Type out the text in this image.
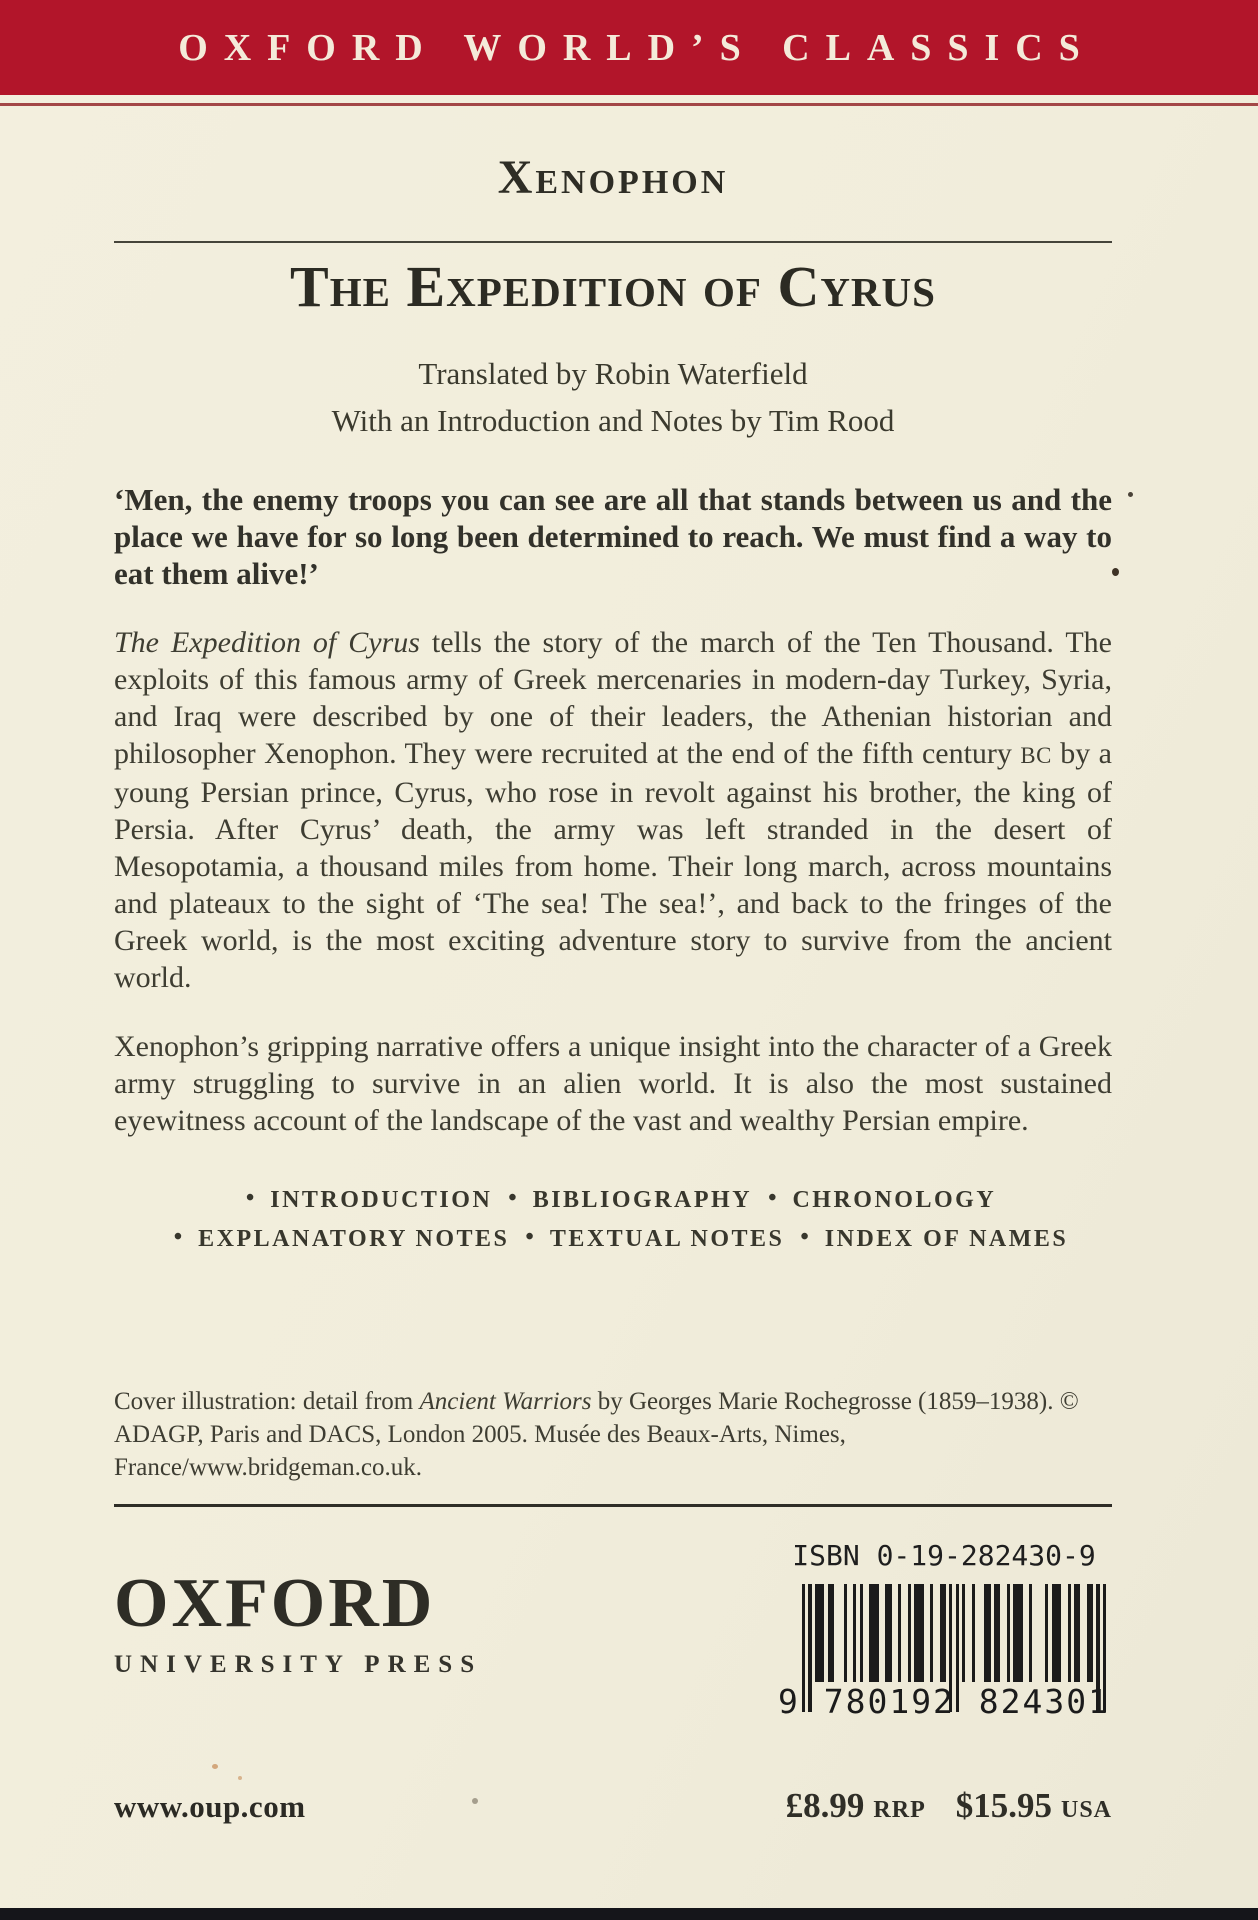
OXFORD WORLD’S CLASSICS
Xenophon
The Expedition of Cyrus
Translated by Robin Waterfield
With an Introduction and Notes by Tim Rood
‘Men, the enemy troops you can see are all that stands between us and the place we have for so long been determined to reach. We must find a way to eat them alive!’
The Expedition of Cyrus tells the story of the march of the Ten Thousand. The exploits of this famous army of Greek mercenaries in modern-day Turkey, Syria, and Iraq were described by one of their leaders, the Athenian historian and philosopher Xenophon. They were recruited at the end of the fifth century BC by a young Persian prince, Cyrus, who rose in revolt against his brother, the king of Persia. After Cyrus’ death, the army was left stranded in the desert of Mesopotamia, a thousand miles from home. Their long march, across mountains and plateaux to the sight of ‘The sea! The sea!’, and back to the fringes of the Greek world, is the most exciting adventure story to survive from the ancient world.
Xenophon’s gripping narrative offers a unique insight into the character of a Greek army struggling to survive in an alien world. It is also the most sustained eyewitness account of the landscape of the vast and wealthy Persian empire.
• INTRODUCTION • BIBLIOGRAPHY • CHRONOLOGY
• EXPLANATORY NOTES • TEXTUAL NOTES • INDEX OF NAMES
Cover illustration: detail from Ancient Warriors by Georges Marie Rochegrosse (1859–1938). © ADAGP, Paris and DACS, London 2005. Musée des Beaux-Arts, Nimes, France/www.bridgeman.co.uk.
OXFORD
UNIVERSITY PRESS
ISBN 0-19-282430-9
9 780192 824301
www.oup.com	£8.99 RRP $15.95 USA
